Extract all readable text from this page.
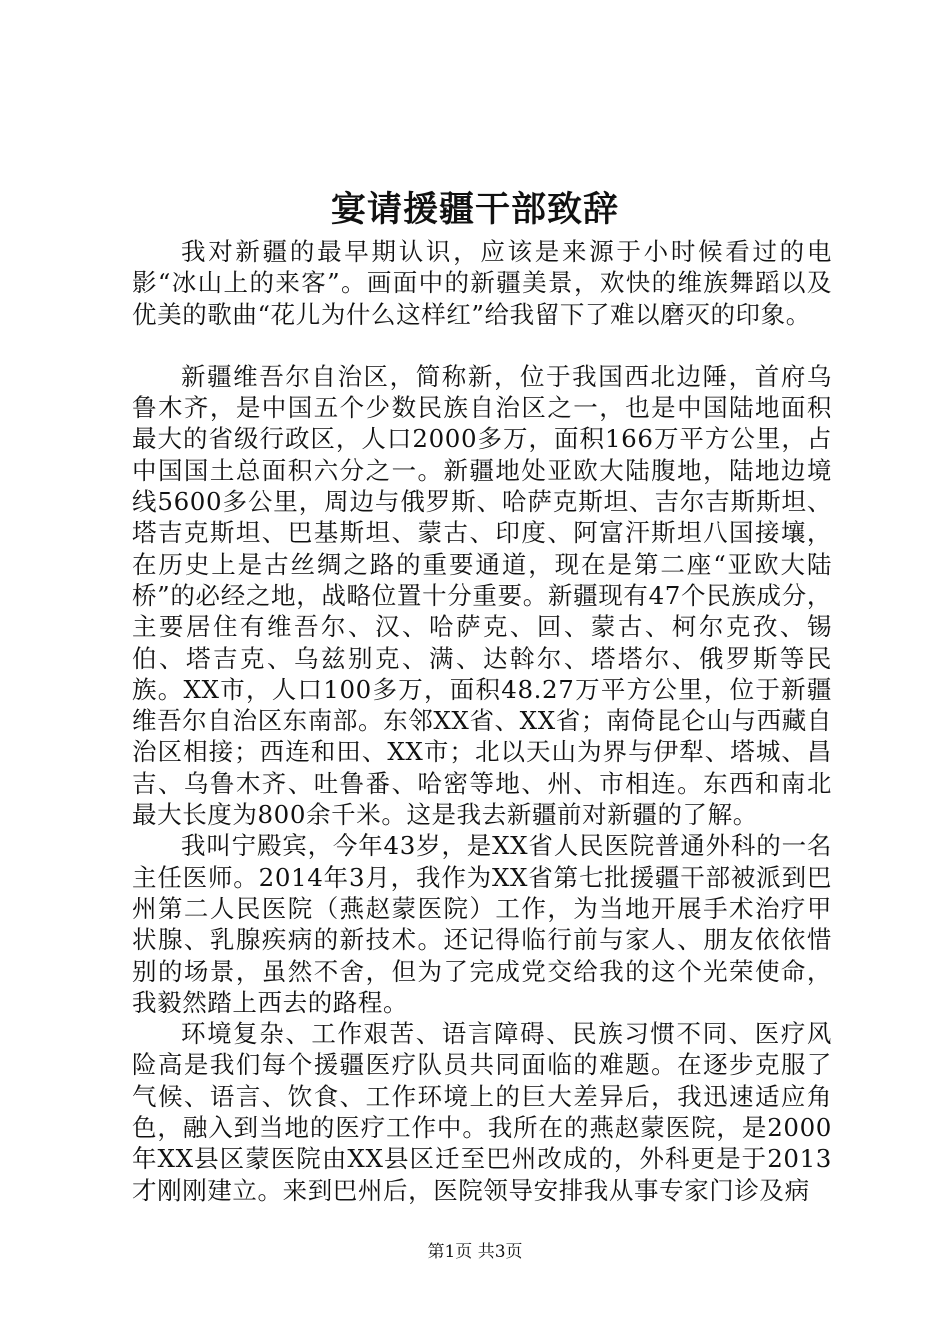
宴请援疆干部致辞

我对新疆的最早期认识，应该是来源于小时候看过的电影“冰山上的来客”。画面中的新疆美景，欢快的维族舞蹈以及优美的歌曲“花儿为什么这样红”给我留下了难以磨灭的印象。

新疆维吾尔自治区，简称新，位于我国西北边陲，首府乌鲁木齐，是中国五个少数民族自治区之一，也是中国陆地面积最大的省级行政区，人口2000多万，面积166万平方公里，占中国国土总面积六分之一。新疆地处亚欧大陆腹地，陆地边境线5600多公里，周边与俄罗斯、哈萨克斯坦、吉尔吉斯斯坦、塔吉克斯坦、巴基斯坦、蒙古、印度、阿富汗斯坦八国接壤，在历史上是古丝绸之路的重要通道，现在是第二座“亚欧大陆桥”的必经之地，战略位置十分重要。新疆现有47个民族成分，主要居住有维吾尔、汉、哈萨克、回、蒙古、柯尔克孜、锡伯、塔吉克、乌兹别克、满、达斡尔、塔塔尔、俄罗斯等民族。XX市，人口100多万，面积48.27万平方公里，位于新疆维吾尔自治区东南部。东邻XX省、XX省；南倚昆仑山与西藏自治区相接；西连和田、XX市；北以天山为界与伊犁、塔城、昌吉、乌鲁木齐、吐鲁番、哈密等地、州、市相连。东西和南北最大长度为800余千米。这是我去新疆前对新疆的了解。

我叫宁殿宾，今年43岁，是XX省人民医院普通外科的一名主任医师。2014年3月，我作为XX省第七批援疆干部被派到巴州第二人民医院（燕赵蒙医院）工作，为当地开展手术治疗甲状腺、乳腺疾病的新技术。还记得临行前与家人、朋友依依惜别的场景，虽然不舍，但为了完成党交给我的这个光荣使命，我毅然踏上西去的路程。

环境复杂、工作艰苦、语言障碍、民族习惯不同、医疗风险高是我们每个援疆医疗队员共同面临的难题。在逐步克服了气候、语言、饮食、工作环境上的巨大差异后，我迅速适应角色，融入到当地的医疗工作中。我所在的燕赵蒙医院，是2000年XX县区蒙医院由XX县区迁至巴州改成的，外科更是于2013才刚刚建立。来到巴州后，医院领导安排我从事专家门诊及病

第1页 共3页
